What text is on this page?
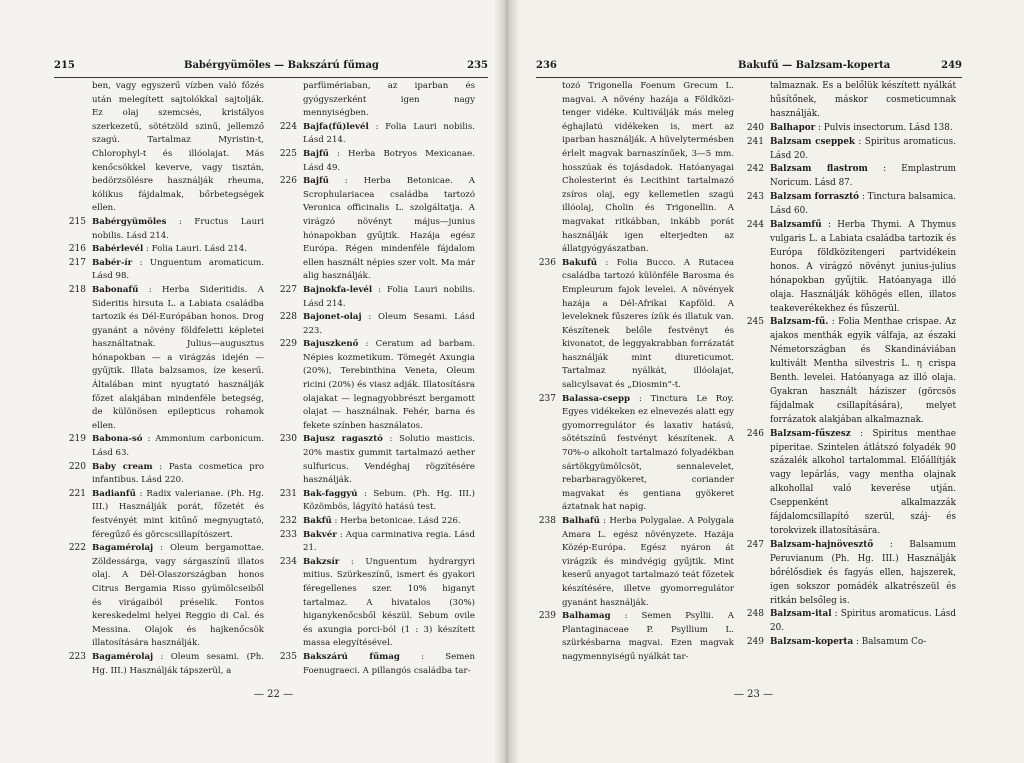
215	Babérgyümöles — Bakszárú fűmag	235

ben, vagy egyszerű vízben való főzés után melegített sajtolókkal sajtolják. Ez olaj szemcsés, kristályos szerkezetű, sötétzöld szinű, jellemző szagú. Tartalmaz Myristin-t, Chlorophyl-t és illóolajat. Más kenőcsökkel keverve, vagy tisztán, bedörzsölésre használják rheuma, kólikus fájdalmak, bőrbetegségek ellen.

215 Babérgyümöles : Fructus Lauri nobilis. Lásd 214.

216 Babérlevél : Folia Lauri. Lásd 214.

217 Babér-ír : Unguentum aromaticum. Lásd 98.

218 Babonafű : Herba Sideritidis. A Sideritis hirsuta L. a Labiata családba tartozik és Dél-Európában honos. Drog gyanánt a növény földfeletti képletei használtatnak. Julius—augusztus hónapokban — a virágzás idején — gyűjtik. Illata balzsamos, íze keserű. Általában mint nyugtató használják főzet alakjában mindenféle betegség, de különösen epilepticus rohamok ellen.

219 Babona-só : Ammonium carbonicum. Lásd 63.

220 Baby cream : Pasta cosmetica pro infantibus. Lásd 220.

221 Badianfű : Radix valerianae. (Ph. Hg. III.) Használják porát, főzetét és festvényét mint kitűnő megnyugtató, féregűző és görcscsillapítószert.

222 Bagamérolaj : Oleum bergamottae. Zöldessárga, vagy sárgaszínű illatos olaj. A Dél-Olaszországban honos Citrus Bergamia Risso gyümölcseiből és virágaiból préselik. Fontos kereskedelmi helyei Reggio di Cal. és Messina. Olajok és hajkenőcsök illatosítására használják.

223 Bagamérolaj : Oleum sesami. (Ph. Hg. III.) Használják tápszerül, a

parfümériaban, az iparban és gyógyszerként igen nagy mennyiségben.

224 Bajfa(fű)levél : Folia Lauri nobilis. Lásd 214.

225 Bajfű : Herba Botryos Mexicanae. Lásd 49.

226 Bajfű : Herba Betonicae. A Scrophulariacea családba tartozó Veronica officinalis L. szolgáltatja. A virágzó növényt május—junius hónapokban gyűjtik. Hazája egész Európa. Régen mindenféle fájdalom ellen használt népies szer volt. Ma már alig használják.

227 Bajnokfa-levél : Folia Lauri nobilis. Lásd 214.

228 Bajonet-olaj : Oleum Sesami. Lásd 223.

229 Bajuszkenő : Ceratum ad barbam. Népies kozmetikum. Tömegét Axungia (20%), Terebinthina Veneta, Oleum ricini (20%) és viasz adják. Illatosításra olajakat — legnagyobbrészt bergamott olajat — használnak. Fehér, barna és fekete színben használatos.

230 Bajusz ragasztó : Solutio masticis. 20% mastix gummit tartalmazó aether sulfuricus. Vendéghaj rögzítésére használják.

231 Bak-faggyú : Sebum. (Ph. Hg. III.) Közömbös, lágyító hatású test.

232 Bakfű : Herba betonicae. Lásd 226.

233 Bakvér : Aqua carminativa regia. Lásd 21.

234 Bakzsír : Unguentum hydrargyri mitius. Szürkeszínű, ismert és gyakori féregellenes szer. 10% higanyt tartalmaz. A hivatalos (30%) higanykenőcsből készül. Sebum ovile és axungia porci-ból (1 : 3) készített massa elegyítésével.

235 Bakszárú fűmag : Semen Foenugraeci. A pillangós családba tar-

— 22 —
236	Bakufű — Balzsam-koperta	249

tozó Trigonella Foenum Grecum L. magvai. A növény hazája a Földközi-tenger vidéke. Kultiválják más meleg éghajlatú vidékeken is, mert az iparban használják. A hüvelytermésben érlelt magvak barnaszínűek, 3—5 mm. hosszúak és tojásdadok. Hatóanyagai Cholesterint és Lecithint tartalmazó zsíros olaj, egy kellemetlen szagú illóolaj, Cholin és Trigonellin. A magvakat ritkábban, inkább porát használják igen elterjedten az állatgyógyászatban.

236 Bakufű : Folia Bucco. A Rutacea családba tartozó különféle Barosma és Empleurum fajok levelei. A növények hazája a Dél-Afrikai Kapföld. A leveleknek fűszeres ízük és illatuk van. Készítenek belőle festvényt és kivonatot, de leggyakrabban forrázatát használják mint diureticumot. Tartalmaz nyálkát, illóolajat, salicylsavat és „Diosmin”-t.

237 Balassa-csepp : Tinctura Le Roy. Egyes vidékeken ez elnevezés alatt egy gyomorregulátor és laxativ hatású, sötétszínű festvényt készítenek. A 70%-o alkoholt tartalmazó folyadékban sártökgyümölcsöt, sennalevelet, rebarbaragyökeret, coriander magvakat és gentiana gyökeret áztatnak hat napig.

238 Balhafű : Herba Polygalae. A Polygala Amara L. egész növényzete. Hazája Közép-Európa. Egész nyáron át virágzik és mindvégig gyűjtik. Mint keserű anyagot tartalmazó teát főzetek készítésére, illetve gyomorregulátor gyanánt használják.

239 Balhamag : Semen Psyllii. A Plantaginaceae P. Psyllium L. szürkésbarna magvai. Ezen magvak nagymennyiségű nyálkát tar-

talmaznak. Es a belőlük készített nyálkát hűsítőnek, máskor cosmeticumnak használják.

240 Balhapor : Pulvis insectorum. Lásd 138.

241 Balzsam cseppek : Spiritus aromaticus. Lásd 20.

242 Balzsam flastrom : Emplastrum Noricum. Lásd 87.

243 Balzsam forrasztó : Tinctura balsamica. Lásd 60.

244 Balzsamfű : Herba Thymi. A Thymus vulgaris L. a Labiata családba tartozik és Európa földközitengeri partvidékein honos. A virágzó növényt junius-julius hónapokban gyűjtik. Hatóanyaga illó olaja. Használják köhögés ellen, illatos teakeverékekhez és fűszerül.

245 Balzsam-fű. : Folia Menthae crispae. Az ajakos menthák egyik válfaja, az északi Németországban és Skandináviában kultivált Mentha silvestris L. η crispa Benth. levelei. Hatóanyaga az illó olaja. Gyakran használt háziszer (görcsös fájdalmak csillapítására), melyet forrázatok alakjában alkalmaznak.

246 Balzsam-fűszesz : Spiritus menthae piperitae. Szintelen átlátszó folyadék 90 százalék alkohol tartalommal. Előállítják vagy lepárlás, vagy mentha olajnak alkohollal való keverése utján. Cseppenként alkalmazzák fájdalomcsillapító szerül, száj- és torokvizek illatosítására.

247 Balzsam-hajnövesztő : Balsamum Peruvianum (Ph. Hg. III.) Használják bőrélősdiek és fagyás ellen, hajszerek, igen sokszor pomádék alkatrészeül és ritkán belsőleg is.

248 Balzsam-ital : Spiritus aromaticus. Lásd 20.

249 Balzsam-koperta : Balsamum Co-

— 23 —
